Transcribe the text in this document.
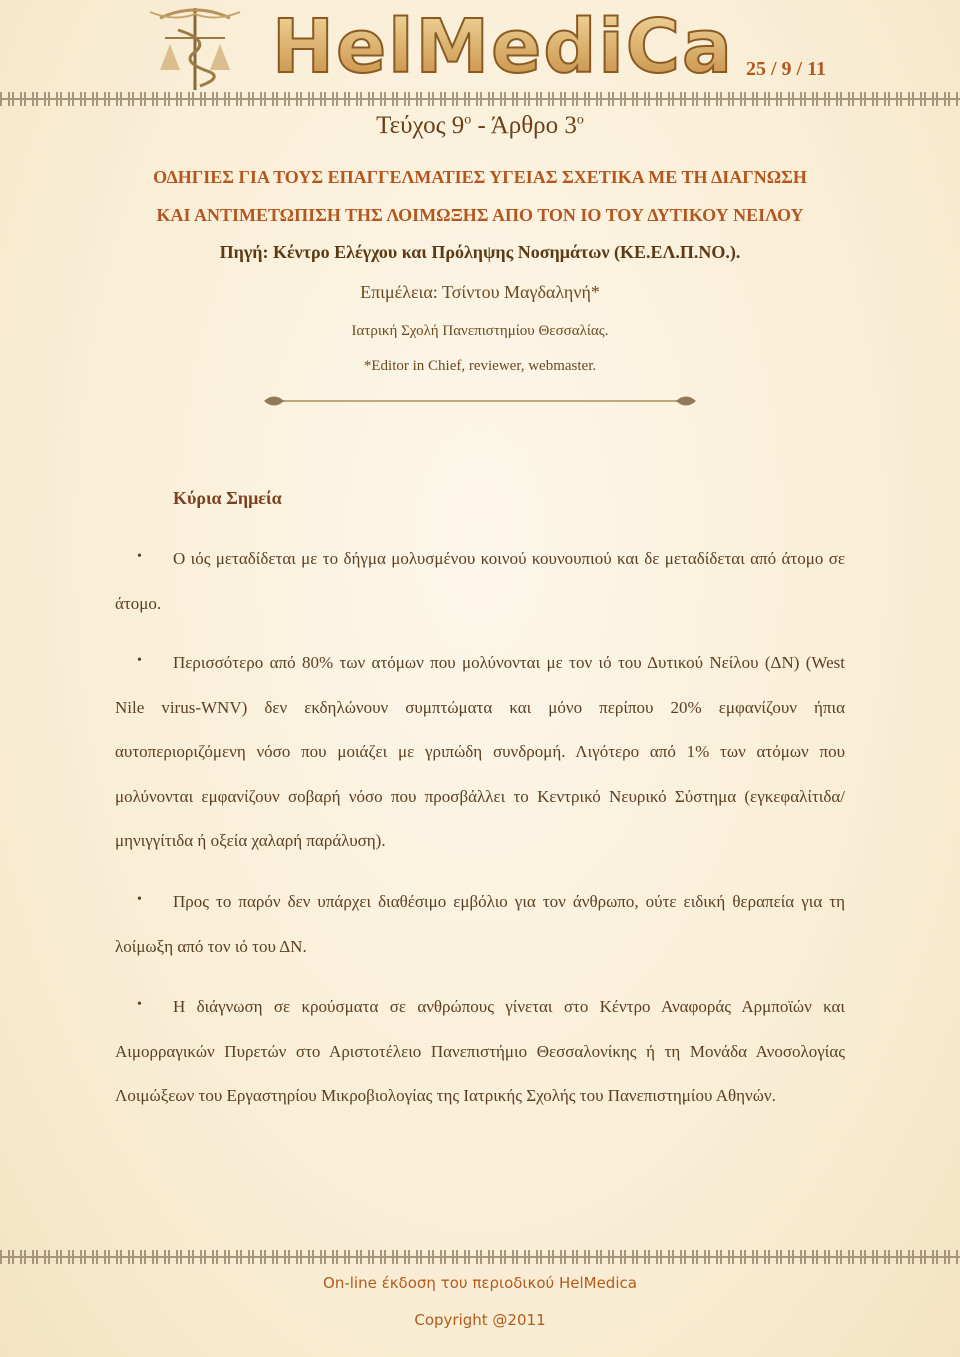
HelMediCa 25 / 9 / 11
Τεύχος $9^o$ - Άρθρο $3^o$
ΟΔΗΓΙΕΣ ΓΙΑ ΤΟΥΣ ΕΠΑΓΓΕΛΜΑΤΙΕΣ ΥΓΕΙΑΣ ΣΧΕΤΙΚΑ ΜΕ ΤΗ ΔΙΑΓΝΩΣΗ
ΚΑΙ ΑΝΤΙΜΕΤΩΠΙΣΗ ΤΗΣ ΛΟΙΜΩΞΗΣ ΑΠΟ ΤΟΝ ΙΟ ΤΟΥ ΔΥΤΙΚΟΥ ΝΕΙΛΟΥ
Πηγή: Κέντρο Ελέγχου και Πρόληψης Νοσημάτων (ΚΕ.ΕΛ.Π.ΝΟ.).
Επιμέλεια: Τσίντου Μαγδαληνή*
Ιατρική Σχολή Πανεπιστημίου Θεσσαλίας.
*Editor in Chief, reviewer, webmaster.
Κύρια Σημεία
•	Ο ιός μεταδίδεται με το δήγμα μολυσμένου κοινού κουνουπιού και δε μεταδίδεται από άτομο σε άτομο.
•	Περισσότερο από 80% των ατόμων που μολύνονται με τον ιό του Δυτικού Νείλου (ΔΝ) (West Nile virus-WNV) δεν εκδηλώνουν συμπτώματα και μόνο περίπου 20% εμφανίζουν ήπια αυτοπεριοριζόμενη νόσο που μοιάζει με γριπώδη συνδρομή. Λιγότερο από 1% των ατόμων που μολύνονται εμφανίζουν σοβαρή νόσο που προσβάλλει το Κεντρικό Νευρικό Σύστημα (εγκεφαλίτιδα/μηνιγγίτιδα ή οξεία χαλαρή παράλυση).
•	Προς το παρόν δεν υπάρχει διαθέσιμο εμβόλιο για τον άνθρωπο, ούτε ειδική θεραπεία για τη λοίμωξη από τον ιό του ΔΝ.
•	Η διάγνωση σε κρούσματα σε ανθρώπους γίνεται στο Κέντρο Αναφοράς Αρμποϊών και Αιμορραγικών Πυρετών στο Αριστοτέλειο Πανεπιστήμιο Θεσσαλονίκης ή τη Μονάδα Ανοσολογίας Λοιμώξεων του Εργαστηρίου Μικροβιολογίας της Ιατρικής Σχολής του Πανεπιστημίου Αθηνών.
On-line έκδοση του περιοδικού HelMedica
Copyright @2011
